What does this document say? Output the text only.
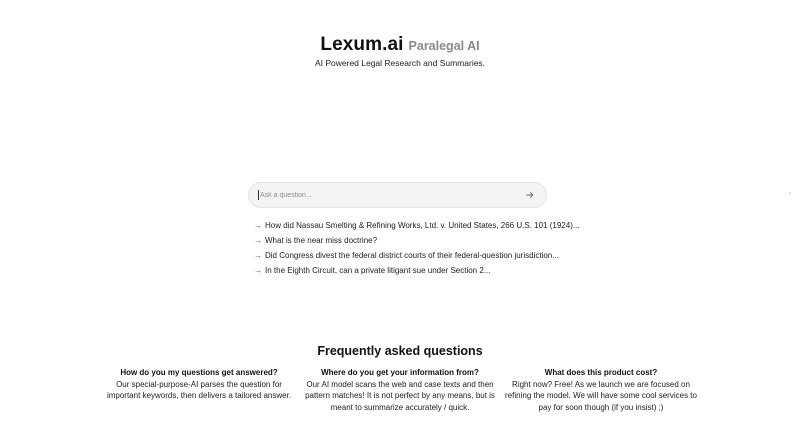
Lexum.ai Paralegal AI
AI Powered Legal Research and Summaries.
Ask a question...
→ How did Nassau Smelting & Refining Works, Ltd. v. United States, 266 U.S. 101 (1924)...
→ What is the near miss doctrine?
→ Did Congress divest the federal district courts of their federal-question jurisdiction...
→ In the Eighth Circuit, can a private litigant sue under Section 2...
‹
Frequently asked questions
How do you my questions get answered?
Our special-purpose-AI parses the question for important keywords, then delivers a tailored answer.
Where do you get your information from?
Our AI model scans the web and case texts and then pattern matches! It is not perfect by any means, but is meant to summarize accurately / quick.
What does this product cost?
Right now? Free! As we launch we are focused on refining the model. We will have some cool services to pay for soon though (if you insist) ;)
